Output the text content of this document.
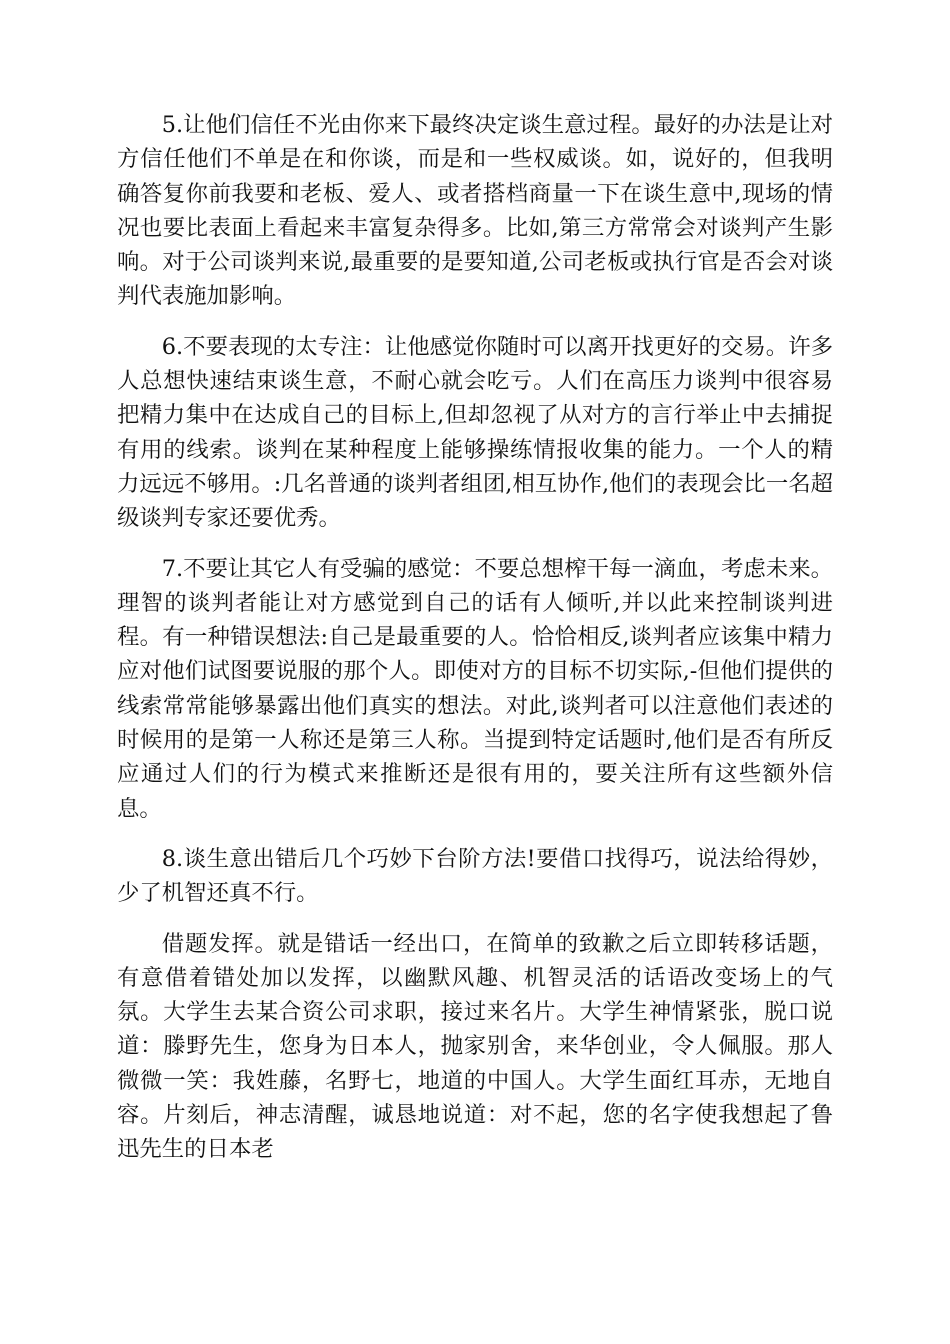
5.让他们信任不光由你来下最终决定谈生意过程。最好的办法是让对方信任他们不单是在和你谈，而是和一些权威谈。如，说好的，但我明确答复你前我要和老板、爱人、或者搭档商量一下在谈生意中,现场的情况也要比表面上看起来丰富复杂得多。比如,第三方常常会对谈判产生影响。对于公司谈判来说,最重要的是要知道,公司老板或执行官是否会对谈判代表施加影响。

6.不要表现的太专注：让他感觉你随时可以离开找更好的交易。许多人总想快速结束谈生意，不耐心就会吃亏。人们在高压力谈判中很容易把精力集中在达成自己的目标上,但却忽视了从对方的言行举止中去捕捉有用的线索。谈判在某种程度上能够操练情报收集的能力。一个人的精力远远不够用。:几名普通的谈判者组团,相互协作,他们的表现会比一名超级谈判专家还要优秀。

7.不要让其它人有受骗的感觉：不要总想榨干每一滴血，考虑未来。理智的谈判者能让对方感觉到自己的话有人倾听,并以此来控制谈判进程。有一种错误想法:自己是最重要的人。恰恰相反,谈判者应该集中精力应对他们试图要说服的那个人。即使对方的目标不切实际,-但他们提供的线索常常能够暴露出他们真实的想法。对此,谈判者可以注意他们表述的时候用的是第一人称还是第三人称。当提到特定话题时,他们是否有所反应通过人们的行为模式来推断还是很有用的，要关注所有这些额外信息。

8.谈生意出错后几个巧妙下台阶方法!要借口找得巧，说法给得妙，少了机智还真不行。

借题发挥。就是错话一经出口，在简单的致歉之后立即转移话题，有意借着错处加以发挥，以幽默风趣、机智灵活的话语改变场上的气氛。大学生去某合资公司求职，接过来名片。大学生神情紧张，脱口说道：滕野先生，您身为日本人，抛家别舍，来华创业，令人佩服。那人微微一笑：我姓藤，名野七，地道的中国人。大学生面红耳赤，无地自容。片刻后，神志清醒，诚恳地说道：对不起，您的名字使我想起了鲁迅先生的日本老
